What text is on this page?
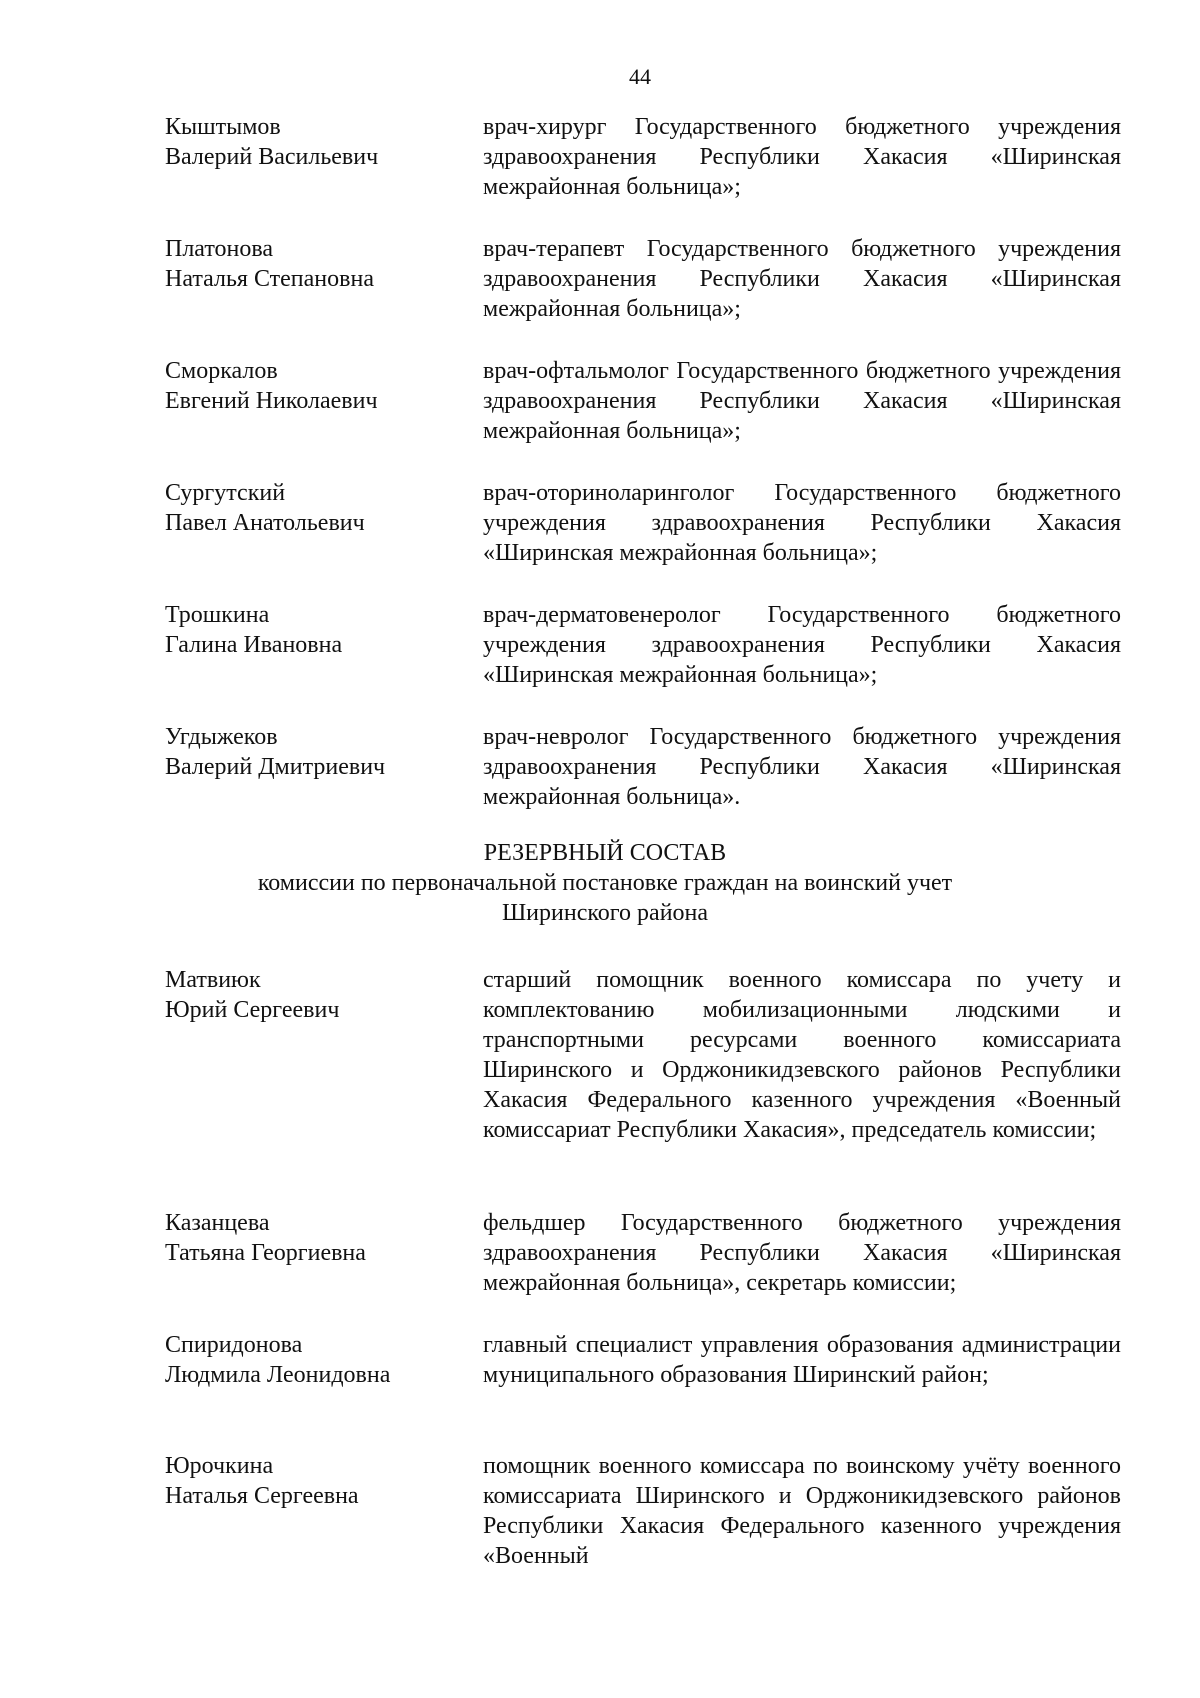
44
Кыштымов
Валерий Васильевич
врач-хирург Государственного бюджетного учреждения здравоохранения Республики Хакасия «Ширинская межрайонная больница»;
Платонова
Наталья Степановна
врач-терапевт Государственного бюджетного учреждения здравоохранения Республики Хакасия «Ширинская межрайонная больница»;
Сморкалов
Евгений Николаевич
врач-офтальмолог Государственного бюджетного учреждения здравоохранения Республики Хакасия «Ширинская межрайонная больница»;
Сургутский
Павел Анатольевич
врач-оториноларинголог Государственного бюджетного учреждения здравоохранения Республики Хакасия «Ширинская межрайонная больница»;
Трошкина
Галина Ивановна
врач-дерматовенеролог Государственного бюджетного учреждения здравоохранения Республики Хакасия «Ширинская межрайонная больница»;
Угдыжеков
Валерий Дмитриевич
врач-невролог Государственного бюджетного учреждения здравоохранения Республики Хакасия «Ширинская межрайонная больница».
РЕЗЕРВНЫЙ СОСТАВ
комиссии по первоначальной постановке граждан на воинский учет
Ширинского района
Матвиюк
Юрий Сергеевич
старший помощник военного комиссара по учету и комплектованию мобилизационными людскими и транспортными ресурсами военного комиссариата Ширинского и Орджоникидзевского районов Республики Хакасия Федерального казенного учреждения «Военный комиссариат Республики Хакасия», председатель комиссии;
Казанцева
Татьяна Георгиевна
фельдшер Государственного бюджетного учреждения здравоохранения Республики Хакасия «Ширинская межрайонная больница», секретарь комиссии;
Спиридонова
Людмила Леонидовна
главный специалист управления образования администрации муниципального образования Ширинский район;
Юрочкина
Наталья Сергеевна
помощник военного комиссара по воинскому учёту военного комиссариата Ширинского и Орджоникидзевского районов Республики Хакасия Федерального казенного учреждения «Военный
